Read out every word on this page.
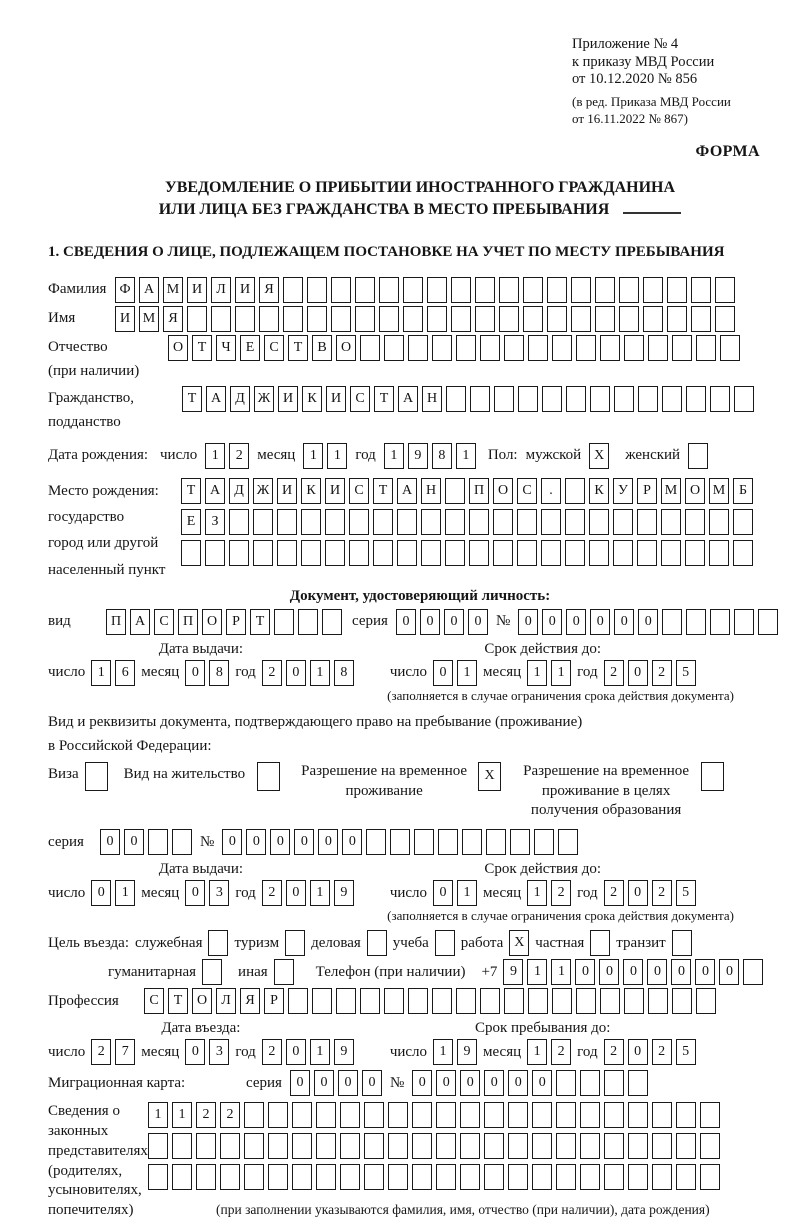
Приложение № 4
к приказу МВД России
от 10.12.2020 № 856
(в ред. Приказа МВД России
от 16.11.2022 № 867)
ФОРМА
УВЕДОМЛЕНИЕ О ПРИБЫТИИ ИНОСТРАННОГО ГРАЖДАНИНА
ИЛИ ЛИЦА БЕЗ ГРАЖДАНСТВА В МЕСТО ПРЕБЫВАНИЯ
1. СВЕДЕНИЯ О ЛИЦЕ, ПОДЛЕЖАЩЕМ ПОСТАНОВКЕ НА УЧЕТ ПО МЕСТУ ПРЕБЫВАНИЯ
Фамилия Ф А М И	Л	И	Я
Имя	И М Я
Отчество
(при наличии)
О	Т	Ч	Е	С	Т	В	О
Гражданство,
подданство
Т	А	Д Ж И	К	И	С	Т	А Н
Дата рождения: число	1	2 месяц	1	1 год	1	9	8	1	Пол: мужской X	женский
Место рождения:
государство
город или другой
населенный пункт
Т	А	Д Ж И	К	И	С	Т	А Н	П О	С	.	К	У	Р М О М Б
Е	З
Документ, удостоверяющий личность:
вид	П А	С	П О	Р	Т	серия	0	0	0	0 №	0	0	0	0	0	0
Дата выдачи:
число 1	6 месяц 0	8 год 2	0	1	8
Срок действия до:
число 0	1 месяц 1	1 год 2	0	2	5
(заполняется в случае ограничения срока действия документа)
Вид и реквизиты документа, подтверждающего право на пребывание (проживание)
в Российской Федерации:
Виза	Вид на жительство	Разрешение на временное проживание
X	Разрешение на временное проживание в целях получения образования
серия	0	0	№	0	0	0	0	0	0
Дата выдачи:
число 0	1 месяц 0	3 год 2	0	1	9
Срок действия до:
число 0	1 месяц 1	2 год 2	0	2	5
(заполняется в случае ограничения срока действия документа)
Цель въезда: служебная туризм деловая учеба работа X частная транзит
гуманитарная	иная	Телефон (при наличии) +7 9	1	1	0	0	0	0	0	0	0
Профессия	С	Т	О	Л	Я	Р
Дата въезда:
число 2	7 месяц 0	3 год 2	0	1	9
Срок пребывания до:
число 1	9 месяц 1	2 год 2	0	2	5
Миграционная карта:	серия	0	0	0	0 №	0	0	0	0	0	0
Сведения о
законных
представителях
(родителях,
усыновителях,
попечителях)
1	1	2	2
(при заполнении указываются фамилия, имя, отчество (при наличии), дата рождения)
